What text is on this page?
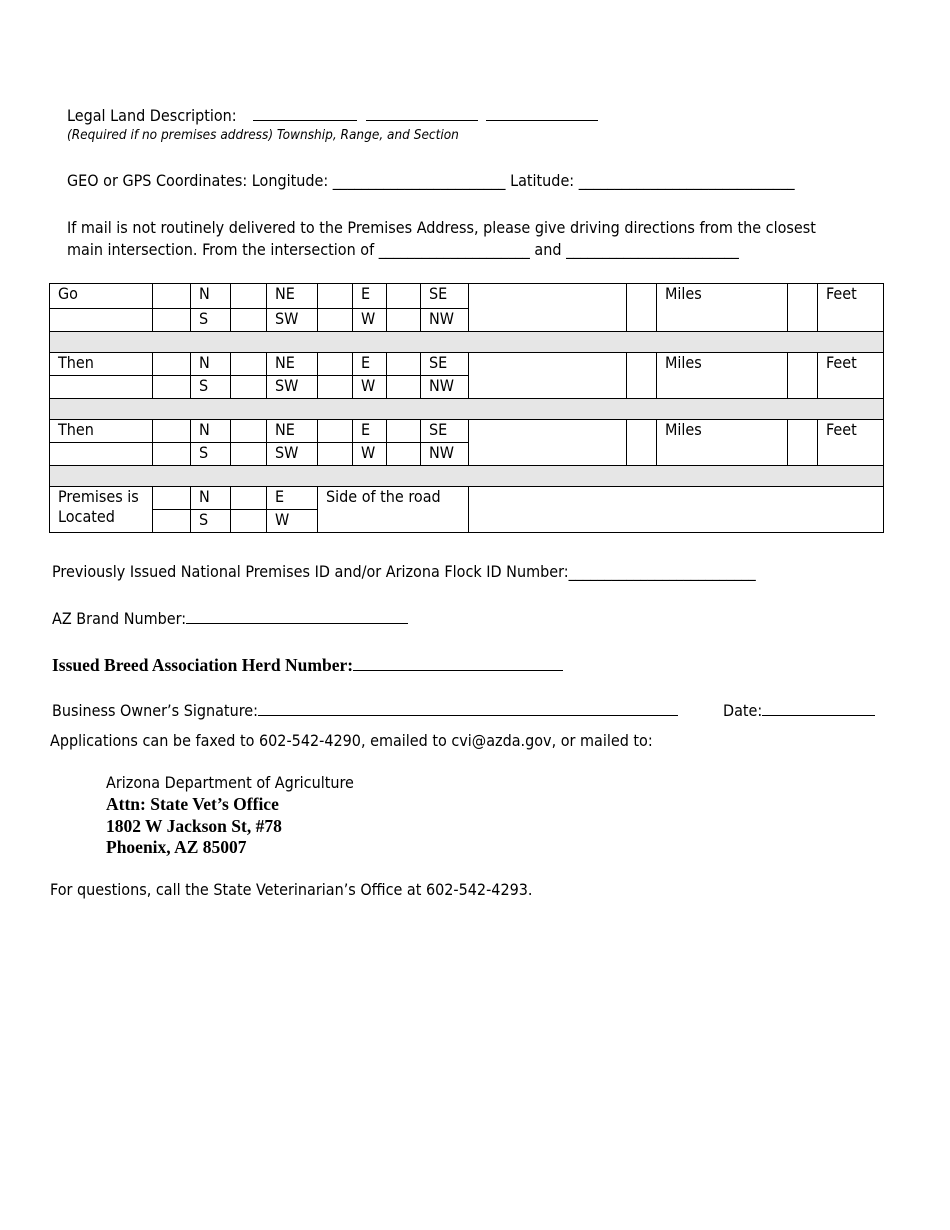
Legal Land Description:
(Required if no premises address) Township, Range, and Section
GEO or GPS Coordinates: Longitude: ________________________ Latitude: ______________________________
If mail is not routinely delivered to the Premises Address, please give driving directions from the closest
main intersection. From the intersection of _____________________ and ________________________
Go		N		NE		E		SE			Miles		Feet
		S		SW		W		NW					

Then		N		NE		E		SE			Miles		Feet
		S		SW		W		NW					

Then		N		NE		E		SE			Miles		Feet
		S		SW		W		NW					

Premises is
Located		N		E	Side of the road								
		S		W									
Previously Issued National Premises ID and/or Arizona Flock ID Number:__________________________
AZ Brand Number:
Issued Breed Association Herd Number:
Business Owner’s Signature:	Date:
Applications can be faxed to 602-542-4290, emailed to cvi@azda.gov, or mailed to:
Arizona Department of Agriculture
Attn: State Vet’s Office
1802 W Jackson St, #78
Phoenix, AZ 85007
For questions, call the State Veterinarian’s Office at 602-542-4293.
